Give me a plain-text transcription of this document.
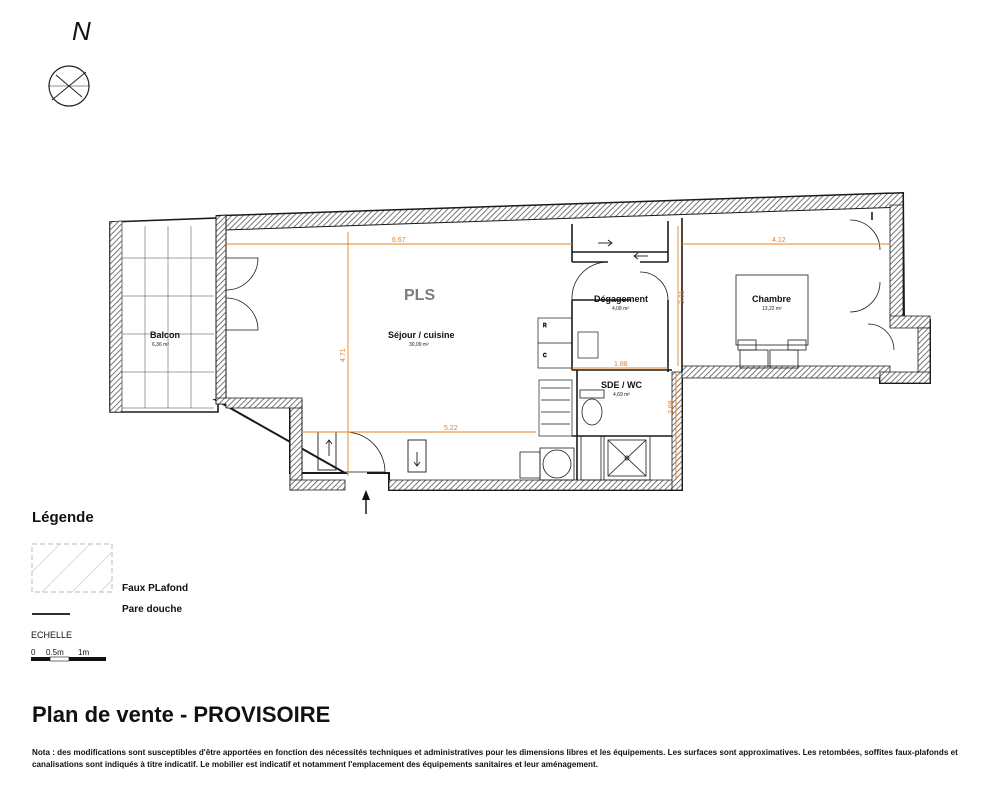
N
R
C
6.67	4.12
4.71
3.01
1.88
5.22
2.68
PLS
Balcon
6,36 m²
Séjour / cuisine
30,09 m²
Dégagement
4,08 m²
Chambre
13,22 m²
SDE / WC
4,69 m²
Légende
Faux PLafond
Pare douche
ECHELLE
0 0.5m 1m
Plan de vente - PROVISOIRE
Nota : des modifications sont susceptibles d'être apportées en fonction des nécessités techniques et administratives pour les dimensions libres et les équipements. Les surfaces sont approximatives. Les retombées, soffites faux-plafonds et canalisations sont indiqués à titre indicatif. Le mobilier est indicatif et notamment l'emplacement des équipements sanitaires et leur aménagement.
